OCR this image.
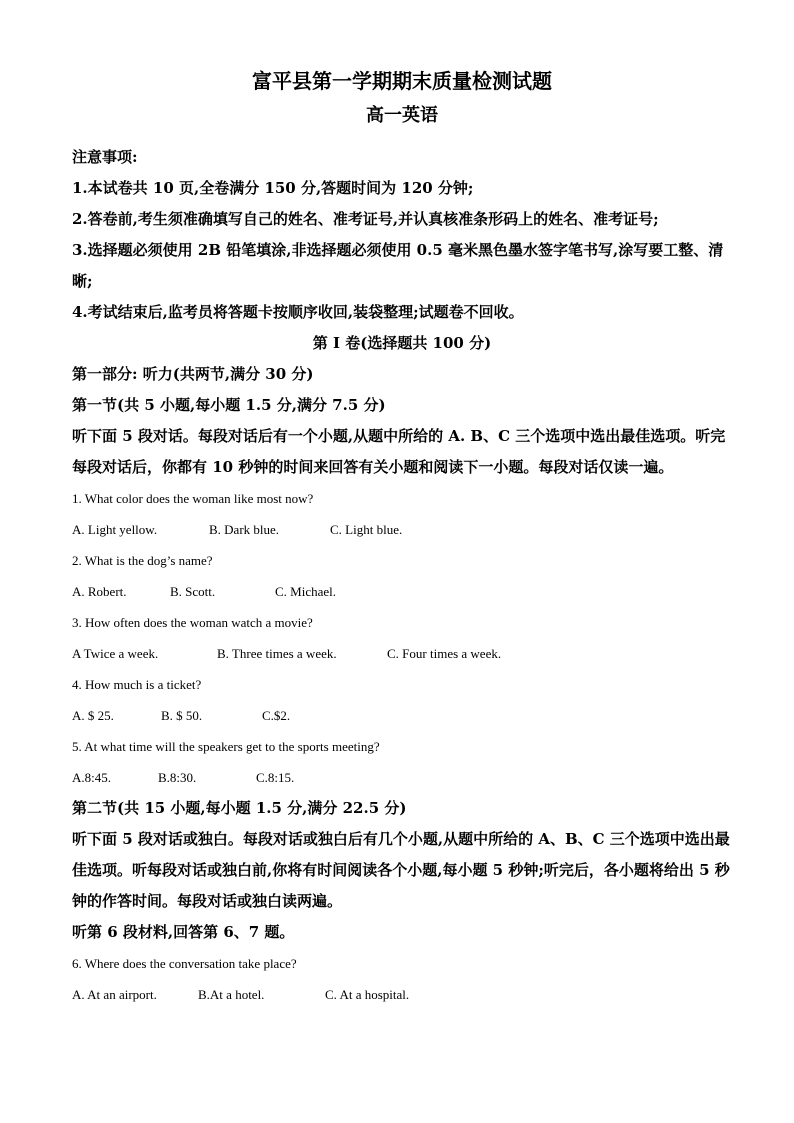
富平县第一学期期末质量检测试题
高一英语
注意事项:
1.本试卷共 10 页,全卷满分 150 分,答题时间为 120 分钟;
2.答卷前,考生须准确填写自己的姓名、准考证号,并认真核准条形码上的姓名、准考证号;
3.选择题必须使用 2B 铅笔填涂,非选择题必须使用 0.5 毫米黑色墨水签字笔书写,涂写要工整、清晰;
4.考试结束后,监考员将答题卡按顺序收回,装袋整理;试题卷不回收。
第 I 卷(选择题共 100 分)
第一部分: 听力(共两节,满分 30 分)
第一节(共 5 小题,每小题 1.5 分,满分 7.5 分)
听下面 5 段对话。每段对话后有一个小题,从题中所给的 A. B、C 三个选项中选出最佳选项。听完每段对话后，你都有 10 秒钟的时间来回答有关小题和阅读下一小题。每段对话仅读一遍。
1. What color does the woman like most now?
A. Light yellow.	B. Dark blue.	C. Light blue.
2. What is the dog’s name?
A. Robert.	B. Scott.	C. Michael.
3. How often does the woman watch a movie?
A Twice a week.	B. Three times a week.	C. Four times a week.
4. How much is a ticket?
A. $ 25.	B. $ 50.	C.$2.
5. At what time will the speakers get to the sports meeting?
A.8:45.	B.8:30.	C.8:15.
第二节(共 15 小题,每小题 1.5 分,满分 22.5 分)
听下面 5 段对话或独白。每段对话或独白后有几个小题,从题中所给的 A、B、C 三个选项中选出最佳选项。听每段对话或独白前,你将有时间阅读各个小题,每小题 5 秒钟;听完后，各小题将给出 5 秒钟的作答时间。每段对话或独白读两遍。
听第 6 段材料,回答第 6、7 题。
6. Where does the conversation take place?
A. At an airport.	B.At a hotel.	C. At a hospital.
